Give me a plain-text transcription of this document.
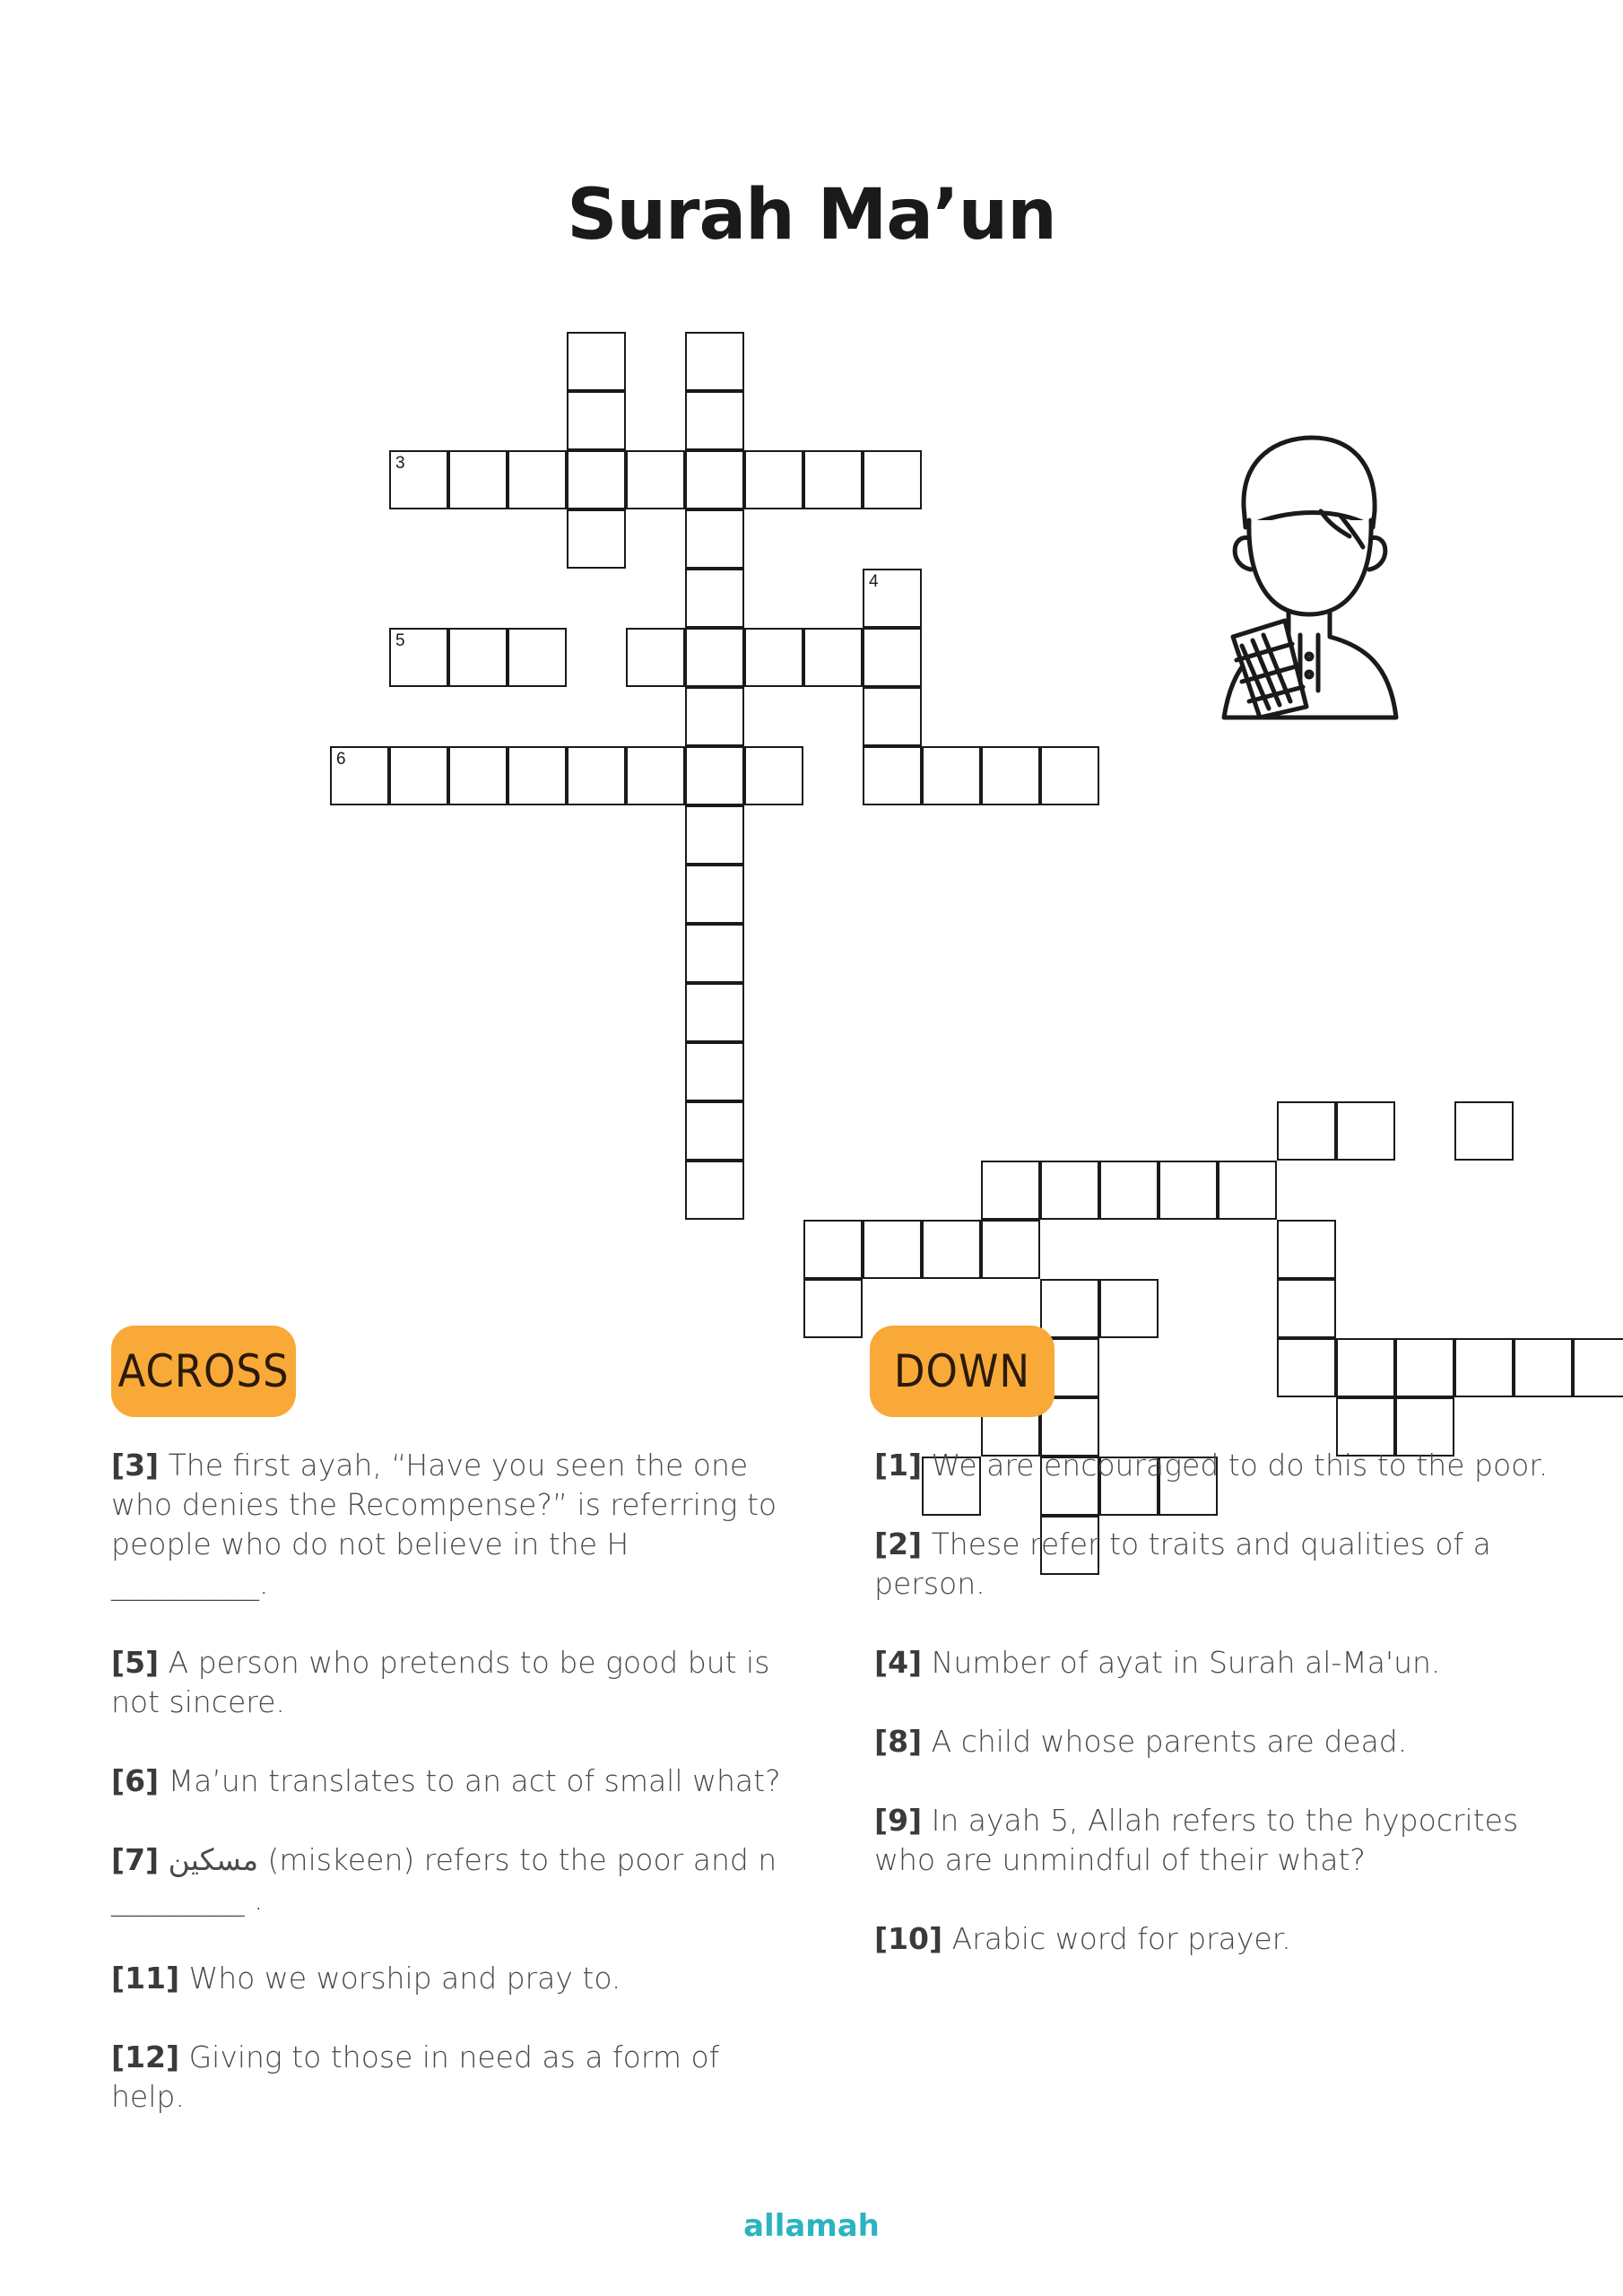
Surah Ma’un
3
5
6
4
ACROSS	DOWN
[3] The first ayah, “Have you seen the one who denies the Recompense?” is referring to people who do not believe in the H __________.
[5] A person who pretends to be good but is not sincere.
[6] Ma’un translates to an act of small what?
[7] مسكين (miskeen) refers to the poor and n _________ .
[11] Who we worship and pray to.
[12] Giving to those in need as a form of help.
[1] We are encouraged to do this to the poor.
[2] These refer to traits and qualities of a person.
[4] Number of ayat in Surah al-Ma'un.
[8] A child whose parents are dead.
[9] In ayah 5, Allah refers to the hypocrites who are unmindful of their what?
[10] Arabic word for prayer.
allamah
